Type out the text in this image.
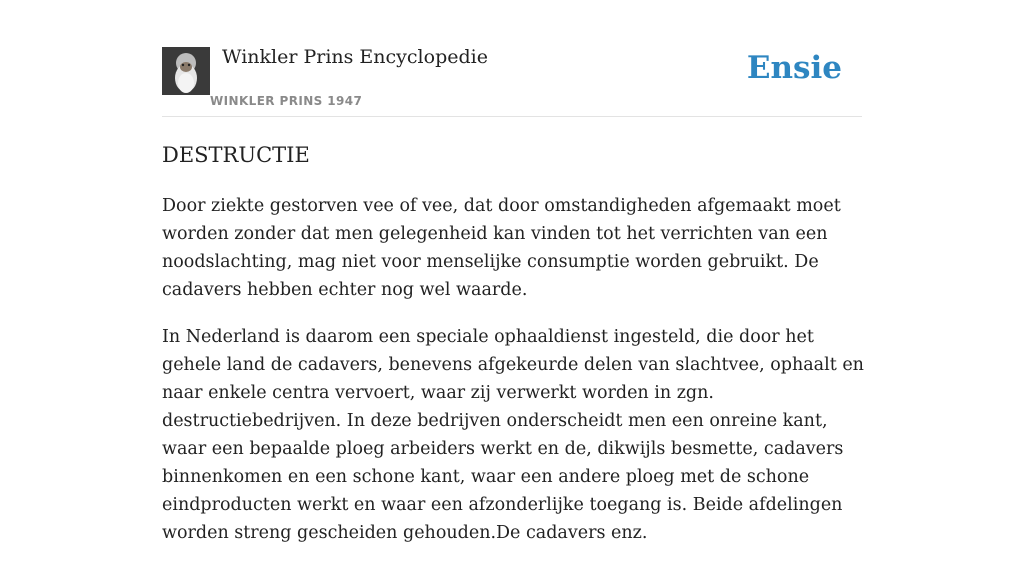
Winkler Prins Encyclopedie
WINKLER PRINS 1947
Ensie
DESTRUCTIE

Door ziekte gestorven vee of vee, dat door omstandigheden afgemaakt moet worden zonder dat men gelegenheid kan vinden tot het verrichten van een noodslachting, mag niet voor menselijke consumptie worden gebruikt. De cadavers hebben echter nog wel waarde.

In Nederland is daarom een speciale ophaaldienst ingesteld, die door het gehele land de cadavers, benevens afgekeurde delen van slachtvee, ophaalt en naar enkele centra vervoert, waar zij verwerkt worden in zgn. destructiebedrijven. In deze bedrijven onderscheidt men een onreine kant, waar een bepaalde ploeg arbeiders werkt en de, dikwijls besmette, cadavers binnenkomen en een schone kant, waar een andere ploeg met de schone eindproducten werkt en waar een afzonderlijke toegang is. Beide afdelingen worden streng gescheiden gehouden.De cadavers enz.
